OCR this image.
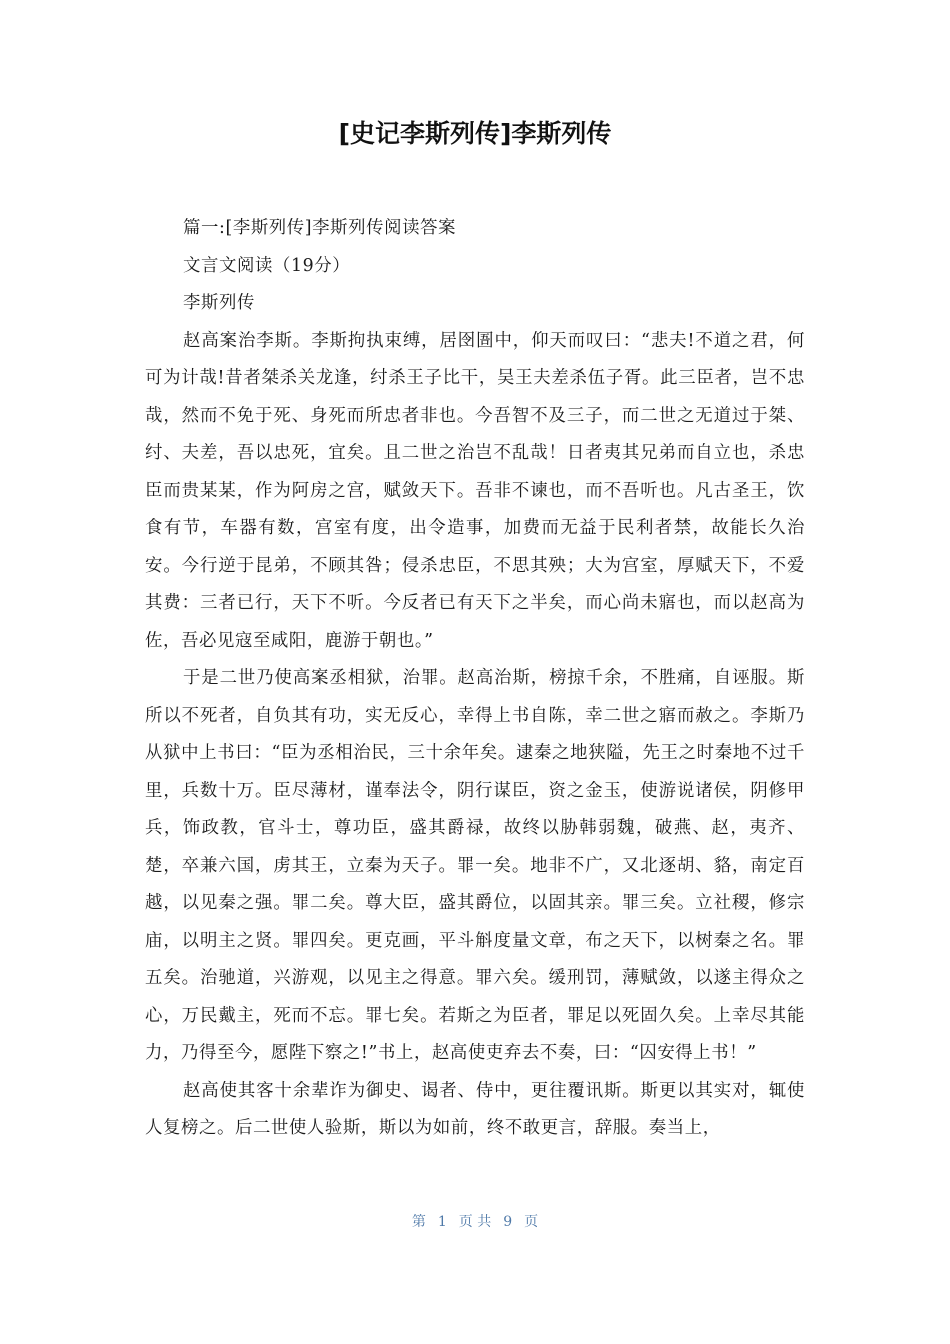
[史记李斯列传]李斯列传

篇一:[李斯列传]李斯列传阅读答案

文言文阅读（19分）

李斯列传

赵高案治李斯。李斯拘执束缚，居囹圄中，仰天而叹曰：“悲夫!不道之君，何可为计哉!昔者桀杀关龙逢，纣杀王子比干，吴王夫差杀伍子胥。此三臣者，岂不忠哉，然而不免于死、身死而所忠者非也。今吾智不及三子，而二世之无道过于桀、纣、夫差，吾以忠死，宜矣。且二世之治岂不乱哉！日者夷其兄弟而自立也，杀忠臣而贵某某，作为阿房之宫，赋敛天下。吾非不谏也，而不吾听也。凡古圣王，饮食有节，车器有数，宫室有度，出令造事，加费而无益于民利者禁，故能长久治安。今行逆于昆弟，不顾其咎；侵杀忠臣，不思其殃；大为宫室，厚赋天下，不爱其费：三者已行，天下不听。今反者已有天下之半矣，而心尚未寤也，而以赵高为佐，吾必见寇至咸阳，鹿游于朝也。”

于是二世乃使高案丞相狱，治罪。赵高治斯，榜掠千余，不胜痛，自诬服。斯所以不死者，自负其有功，实无反心，幸得上书自陈，幸二世之寤而赦之。李斯乃从狱中上书曰：“臣为丞相治民，三十余年矣。逮秦之地狭隘，先王之时秦地不过千里，兵数十万。臣尽薄材，谨奉法令，阴行谋臣，资之金玉，使游说诸侯，阴修甲兵，饰政教，官斗士，尊功臣，盛其爵禄，故终以胁韩弱魏，破燕、赵，夷齐、楚，卒兼六国，虏其王，立秦为天子。罪一矣。地非不广，又北逐胡、貉，南定百越，以见秦之强。罪二矣。尊大臣，盛其爵位，以固其亲。罪三矣。立社稷，修宗庙，以明主之贤。罪四矣。更克画，平斗斛度量文章，布之天下，以树秦之名。罪五矣。治驰道，兴游观，以见主之得意。罪六矣。缓刑罚，薄赋敛，以遂主得众之心，万民戴主，死而不忘。罪七矣。若斯之为臣者，罪足以死固久矣。上幸尽其能力，乃得至今，愿陛下察之!”书上，赵高使吏弃去不奏，曰：“囚安得上书！”

赵高使其客十余辈诈为御史、谒者、侍中，更往覆讯斯。斯更以其实对，辄使人复榜之。后二世使人验斯，斯以为如前，终不敢更言，辞服。奏当上，

第 1 页 共 9 页
